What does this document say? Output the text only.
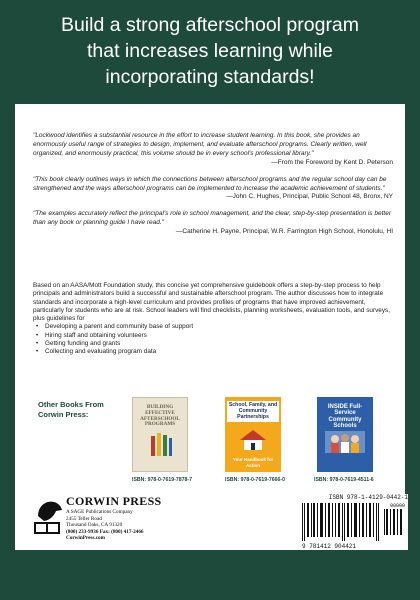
Build a strong afterschool program
that increases learning while
incorporating standards!
"Lockwood identifies a substantial resource in the effort to increase student learning. In this book, she provides an enormously useful range of strategies to design, implement, and evaluate afterschool programs. Clearly written, well organized, and enormously practical, this volume should be in every school's professional library."
—From the Foreword by Kent D. Peterson
"This book clearly outlines ways in which the connections between afterschool programs and the regular school day can be strengthened and the ways afterschool programs can be implemented to increase the academic achievement of students."
—John C. Hughes, Principal, Public School 48, Bronx, NY
"The examples accurately reflect the principal's role in school management, and the clear, step-by-step presentation is better than any book or planning guide I have read."
—Catherine H. Payne, Principal, W.R. Farrington High School, Honolulu, HI
Based on an AASA/Mott Foundation study, this concise yet comprehensive guidebook offers a step-by-step process to help principals and administrators build a successful and sustainable afterschool program. The author discusses how to integrate standards and incorporate a high-level curriculum and provides profiles of programs that have improved achievement, particularly for students who are at risk. School leaders will find checklists, planning worksheets, evaluation tools, and surveys, plus guidelines for
• Developing a parent and community base of support
• Hiring staff and obtaining volunteers
• Getting funding and grants
• Collecting and evaluating program data
Other Books From
Corwin Press:
BUILDING EFFECTIVE AFTERSCHOOL PROGRAMS
School, Family, and Community Partnerships
Your Handbook for Action
INSIDE Full-Service Community Schools
ISBN: 978-0-7619-7878-7	ISBN: 978-0-7619-7666-0	ISBN: 978-0-7619-4511-6
CORWIN PRESS
A SAGE Publications Company
2455 Teller Road
Thousand Oaks, CA 91320
(800) 233-9936 Fax: (800) 417-2466
CorwinPress.com
ISBN 978-1-4129-0442-1
90000
9 781412 904421
